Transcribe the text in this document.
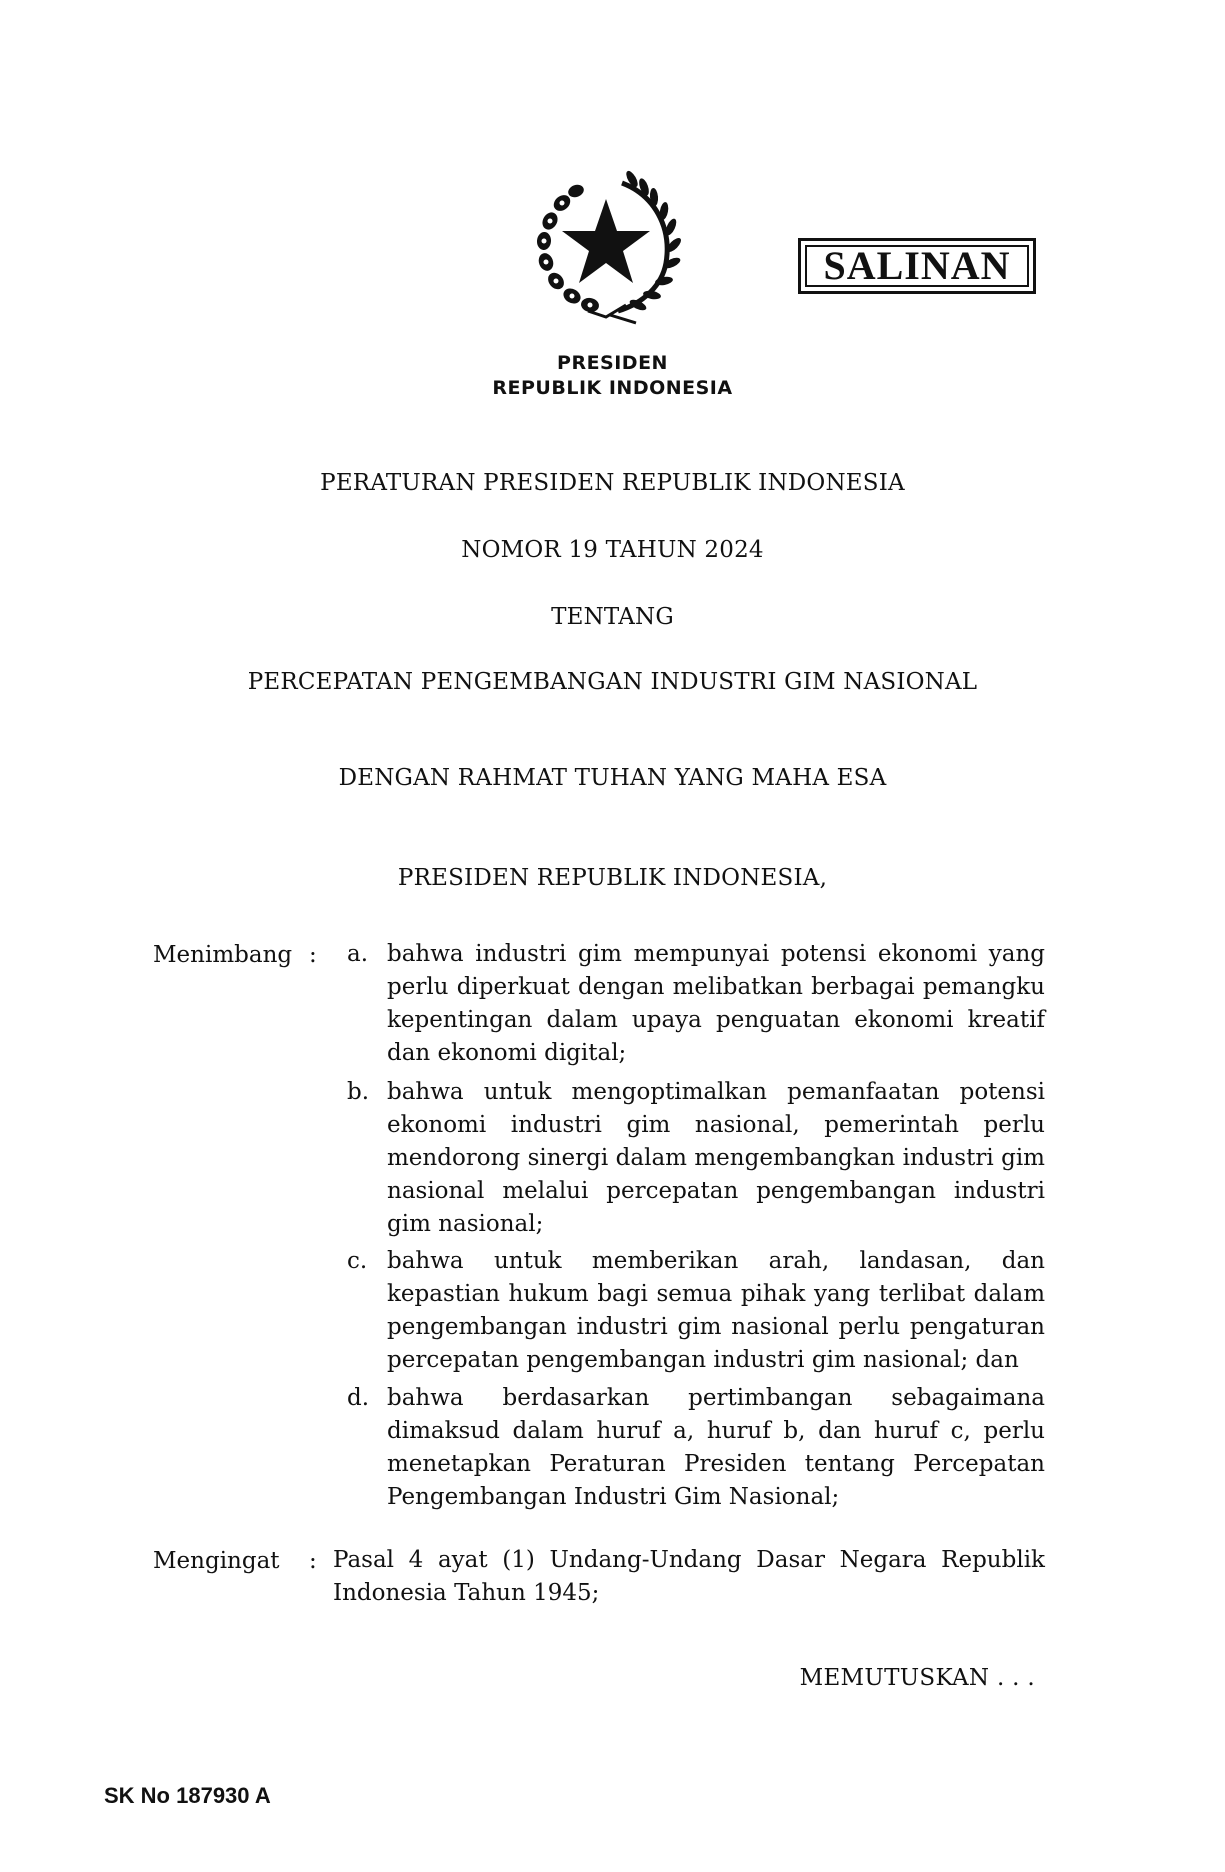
PRESIDEN
REPUBLIK INDONESIA
SALINAN
PERATURAN PRESIDEN REPUBLIK INDONESIA
NOMOR 19 TAHUN 2024
TENTANG
PERCEPATAN PENGEMBANGAN INDUSTRI GIM NASIONAL
DENGAN RAHMAT TUHAN YANG MAHA ESA
PRESIDEN REPUBLIK INDONESIA,
Menimbang : a. bahwa industri gim mempunyai potensi ekonomi yang perlu diperkuat dengan melibatkan berbagai pemangku kepentingan dalam upaya penguatan ekonomi kreatif dan ekonomi digital;
b. bahwa untuk mengoptimalkan pemanfaatan potensi ekonomi industri gim nasional, pemerintah perlu mendorong sinergi dalam mengembangkan industri gim nasional melalui percepatan pengembangan industri gim nasional;
c. bahwa untuk memberikan arah, landasan, dan kepastian hukum bagi semua pihak yang terlibat dalam pengembangan industri gim nasional perlu pengaturan percepatan pengembangan industri gim nasional; dan
d. bahwa berdasarkan pertimbangan sebagaimana dimaksud dalam huruf a, huruf b, dan huruf c, perlu menetapkan Peraturan Presiden tentang Percepatan Pengembangan Industri Gim Nasional;
Mengingat : Pasal 4 ayat (1) Undang-Undang Dasar Negara Republik Indonesia Tahun 1945;
MEMUTUSKAN . . .
SK No 187930 A
